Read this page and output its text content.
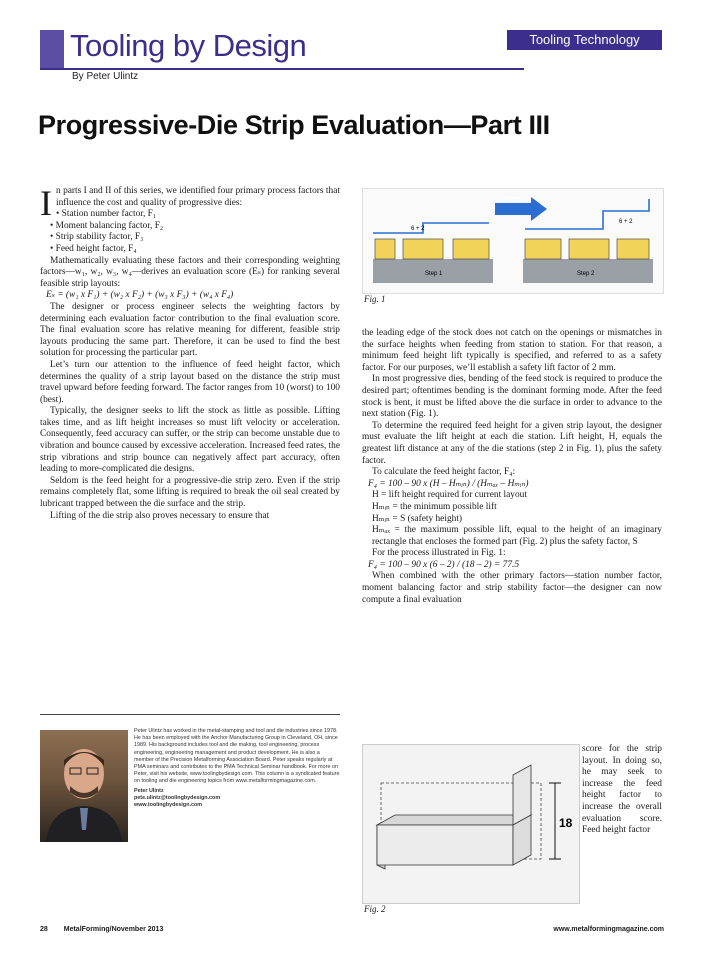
Tooling by Design	Tooling Technology
By Peter Ulintz
Progressive-Die Strip Evaluation—Part III

In parts I and II of this series, we identified four primary process factors that influence the cost and quality of progressive dies:

• Station number factor, F₁

• Moment balancing factor, F₂

• Strip stability factor, F₃

• Feed height factor, F₄

Mathematically evaluating these factors and their corresponding weighting factors—w₁, w₂, w₃, w₄—derives an evaluation score (Eₛ) for ranking several feasible strip layouts:

Eₛ = (w₁ x F₁) + (w₂ x F₂) + (w₃ x F₃) + (w₄ x F₄)

The designer or process engineer selects the weighting factors by determining each evaluation factor contribution to the final evaluation score. The final evaluation score has relative meaning for different, feasible strip layouts producing the same part. Therefore, it can be used to find the best solution for processing the particular part.

Let’s turn our attention to the influence of feed height factor, which determines the quality of a strip layout based on the distance the strip must travel upward before feeding forward. The factor ranges from 10 (worst) to 100 (best).

Typically, the designer seeks to lift the stock as little as possible. Lifting takes time, and as lift height increases so must lift velocity or acceleration. Consequently, feed accuracy can suffer, or the strip can become unstable due to vibration and bounce caused by excessive acceleration. Increased feed rates, the strip vibrations and strip bounce can negatively affect part accuracy, often leading to more-complicated die designs.

Seldom is the feed height for a progressive-die strip zero. Even if the strip remains completely flat, some lifting is required to break the oil seal created by lubricant trapped between the die surface and the strip.

Lifting of the die strip also proves necessary to ensure that

Feed
6 + 2
Step 1
6 + 2
Step 2
Fig. 1

the leading edge of the stock does not catch on the openings or mismatches in the surface heights when feeding from station to station. For that reason, a minimum feed height lift typically is specified, and referred to as a safety factor. For our purposes, we’ll establish a safety lift factor of 2 mm.

In most progressive dies, bending of the feed stock is required to produce the desired part; oftentimes bending is the dominant forming mode. After the feed stock is bent, it must be lifted above the die surface in order to advance to the next station (Fig. 1).

To determine the required feed height for a given strip layout, the designer must evaluate the lift height at each die station. Lift height, H, equals the greatest lift distance at any of the die stations (step 2 in Fig. 1), plus the safety factor.

To calculate the feed height factor, F₄:

F₄ = 100 – 90 x (H – Hₘᵢₙ) / (Hₘₐₓ – Hₘᵢₙ)

H = lift height required for current layout

Hₘᵢₙ = the minimum possible lift

Hₘᵢₙ = S (safety height)

Hₘₐₓ = the maximum possible lift, equal to the height of an imaginary rectangle that encloses the formed part (Fig. 2) plus the safety factor, S

For the process illustrated in Fig. 1:

F₄ = 100 – 90 x (6 – 2) / (18 – 2) = 77.5

When combined with the other primary factors—station number factor, moment balancing factor and strip stability factor—the designer can now compute a final evaluation

Peter Ulintz has worked in the metal-stamping and tool and die industries since 1978. He has been employed with the Anchor Manufacturing Group in Cleveland, OH, since 1989. His background includes tool and die making, tool engineering, process engineering, engineering management and product development. He is also a member of the Precision Metalforming Association Board. Peter speaks regularly at PMA seminars and contributes to the PMA Technical Seminar handbook. For more on Peter, visit his website, www.toolingbydesign.com. This column is a syndicated feature on tooling and die engineering topics from www.metalformingmagazine.com.
Peter Ulintz
pete.ulintz@toolingbydesign.com
www.toolingbydesign.com
18
Fig. 2
score for the strip layout. In doing so, he may seek to increase the feed height factor to increase the overall evaluation score. Feed height factor
28 MetalForming/November 2013	www.metalformingmagazine.com
